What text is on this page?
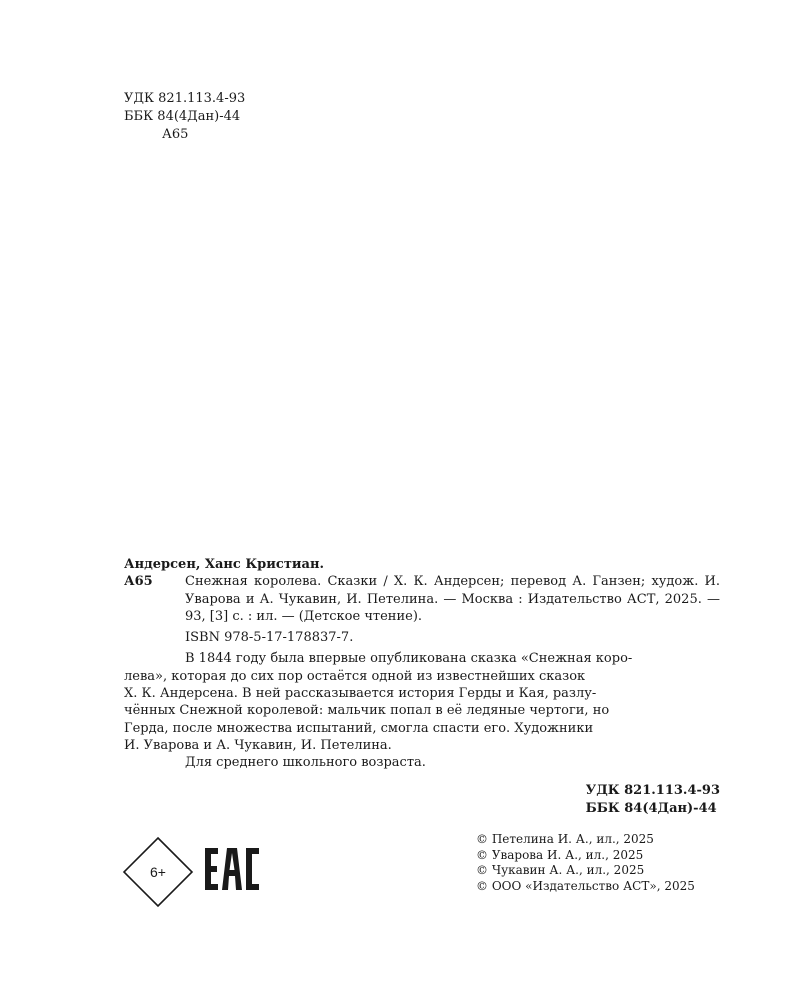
УДК 821.113.4-93
ББК 84(4Дан)-44
А65
Андерсен, Ханс Кристиан.
А65 Снежная королева. Сказки / Х. К. Андерсен; перевод А. Ганзен; худож. И. Уварова и А. Чукавин, И. Петелина. — Москва : Издательство АСТ, 2025. — 93, [3] с. : ил. — (Детское чтение).
ISBN 978-5-17-178837-7.
В 1844 году была впервые опубликована сказка «Снежная коро-
лева», которая до сих пор остаётся одной из известнейших сказок
Х. К. Андерсена. В ней рассказывается история Герды и Кая, разлу-
чённых Снежной королевой: мальчик попал в её ледяные чертоги, но
Герда, после множества испытаний, смогла спасти его. Художники
И. Уварова и А. Чукавин, И. Петелина.
Для среднего школьного возраста.
УДК 821.113.4-93
ББК 84(4Дан)-44
6+
© Петелина И. А., ил., 2025
© Уварова И. А., ил., 2025
© Чукавин А. А., ил., 2025
© ООО «Издательство АСТ», 2025
